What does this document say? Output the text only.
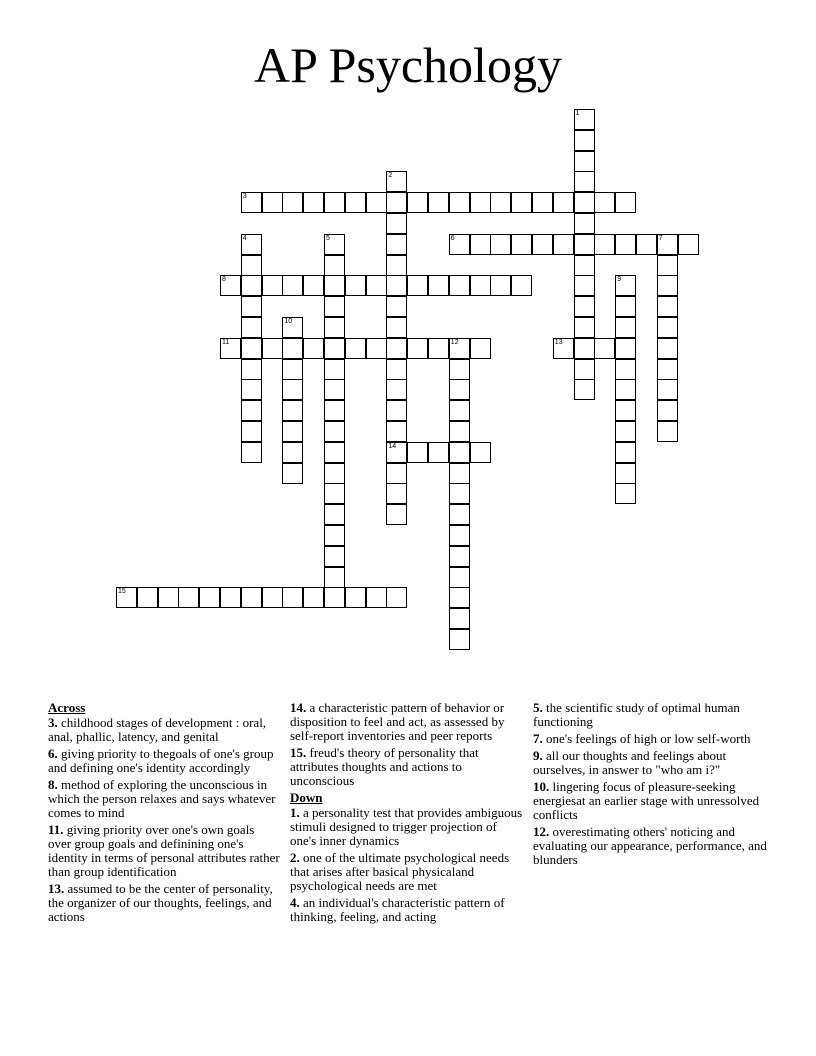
AP Psychology
1
2
14
3
4	5	6	7
8	9
10
11	12	13
15
Across
3. childhood stages of development : oral, anal, phallic, latency, and genital
6. giving priority to thegoals of one's group and defining one's identity accordingly
8. method of exploring the unconscious in which the person relaxes and says whatever comes to mind
11. giving priority over one's own goals over group goals and definining one's identity in terms of personal attributes rather than group identification
13. assumed to be the center of personality, the organizer of our thoughts, feelings, and actions
14. a characteristic pattern of behavior or disposition to feel and act, as assessed by self-report inventories and peer reports
15. freud's theory of personality that attributes thoughts and actions to unconscious
Down
1. a personality test that provides ambiguous stimuli designed to trigger projection of one's inner dynamics
2. one of the ultimate psychological needs that arises after basical physicaland psychological needs are met
4. an individual's characteristic pattern of thinking, feeling, and acting
5. the scientific study of optimal human functioning
7. one's feelings of high or low self-worth
9. all our thoughts and feelings about ourselves, in answer to "who am i?"
10. lingering focus of pleasure-seeking energiesat an earlier stage with unressolved conflicts
12. overestimating others' noticing and evaluating our appearance, performance, and blunders
